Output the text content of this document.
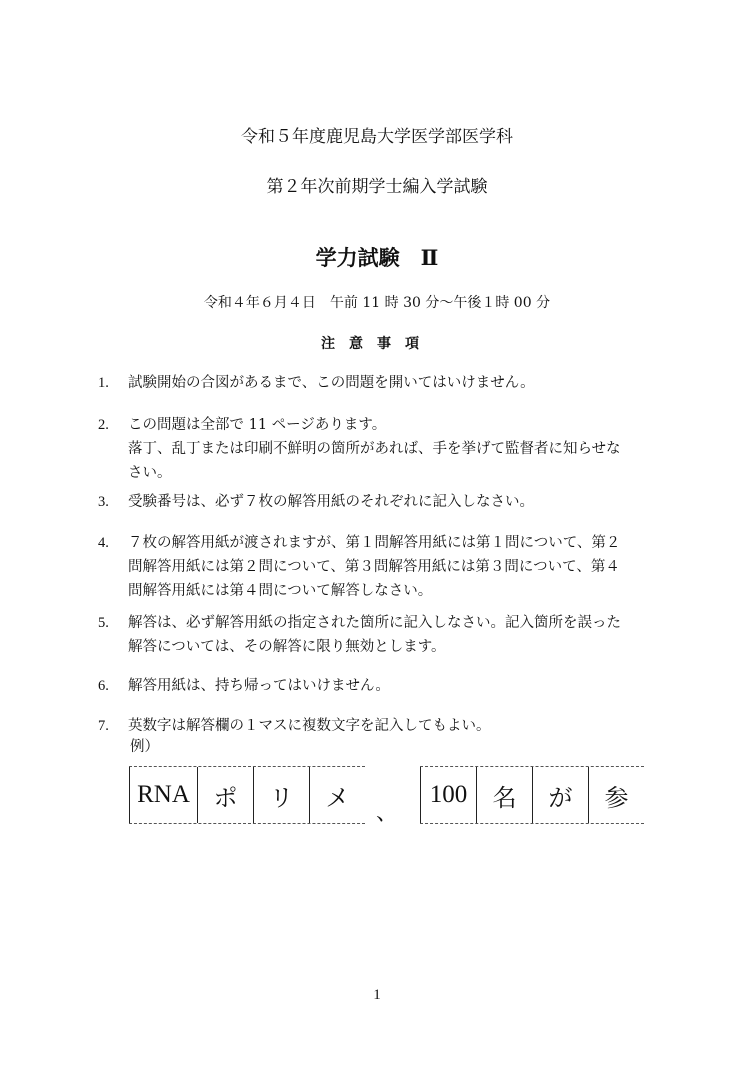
令和５年度鹿児島大学医学部医学科
第２年次前期学士編入学試験
学力試験　Ⅱ
令和４年６月４日　午前 11 時 30 分～午後１時 00 分
注意事項
1.	試験開始の合図があるまで、この問題を開いてはいけません。
2.	この問題は全部で 11 ページあります。
落丁、乱丁または印刷不鮮明の箇所があれば、手を挙げて監督者に知らせな
さい。
3.	受験番号は、必ず７枚の解答用紙のそれぞれに記入しなさい。
4.	７枚の解答用紙が渡されますが、第１問解答用紙には第１問について、第２
問解答用紙には第２問について、第３問解答用紙には第３問について、第４
問解答用紙には第４問について解答しなさい。
5.	解答は、必ず解答用紙の指定された箇所に記入しなさい。記入箇所を誤った
解答については、その解答に限り無効とします。
6.	解答用紙は、持ち帰ってはいけません。
7.	英数字は解答欄の１マスに複数文字を記入してもよい。
例）
RNA ポ	リ	メ
、
100	名	が	参
1
